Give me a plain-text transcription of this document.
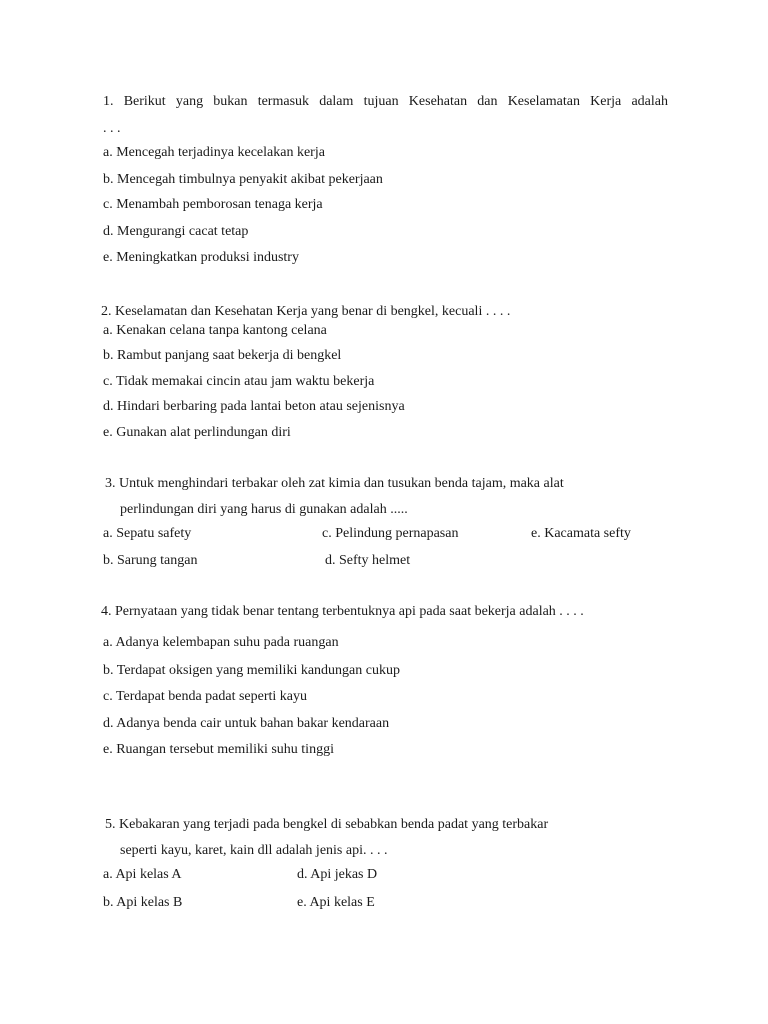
1. Berikut yang bukan termasuk dalam tujuan Kesehatan dan Keselamatan Kerja adalah
. . .
a. Mencegah terjadinya kecelakan kerja
b. Mencegah timbulnya penyakit akibat pekerjaan
c. Menambah pemborosan tenaga kerja
d. Mengurangi cacat tetap
e. Meningkatkan produksi industry
2. Keselamatan dan Kesehatan Kerja yang benar di bengkel, kecuali . . . .
a. Kenakan celana tanpa kantong celana
b. Rambut panjang saat bekerja di bengkel
c. Tidak memakai cincin atau jam waktu bekerja
d. Hindari berbaring pada lantai beton atau sejenisnya
e. Gunakan alat perlindungan diri
3. Untuk menghindari terbakar oleh zat kimia dan tusukan benda tajam, maka alat
perlindungan diri yang harus di gunakan adalah .....
a. Sepatu safety	c. Pelindung pernapasan	e. Kacamata sefty
b. Sarung tangan	d. Sefty helmet
4. Pernyataan yang tidak benar tentang terbentuknya api pada saat bekerja adalah . . . .
a. Adanya kelembapan suhu pada ruangan
b. Terdapat oksigen yang memiliki kandungan cukup
c. Terdapat benda padat seperti kayu
d. Adanya benda cair untuk bahan bakar kendaraan
e. Ruangan tersebut memiliki suhu tinggi
5. Kebakaran yang terjadi pada bengkel di sebabkan benda padat yang terbakar
seperti kayu, karet, kain dll adalah jenis api. . . .
a. Api kelas A	d. Api jekas D
b. Api kelas B	e. Api kelas E
